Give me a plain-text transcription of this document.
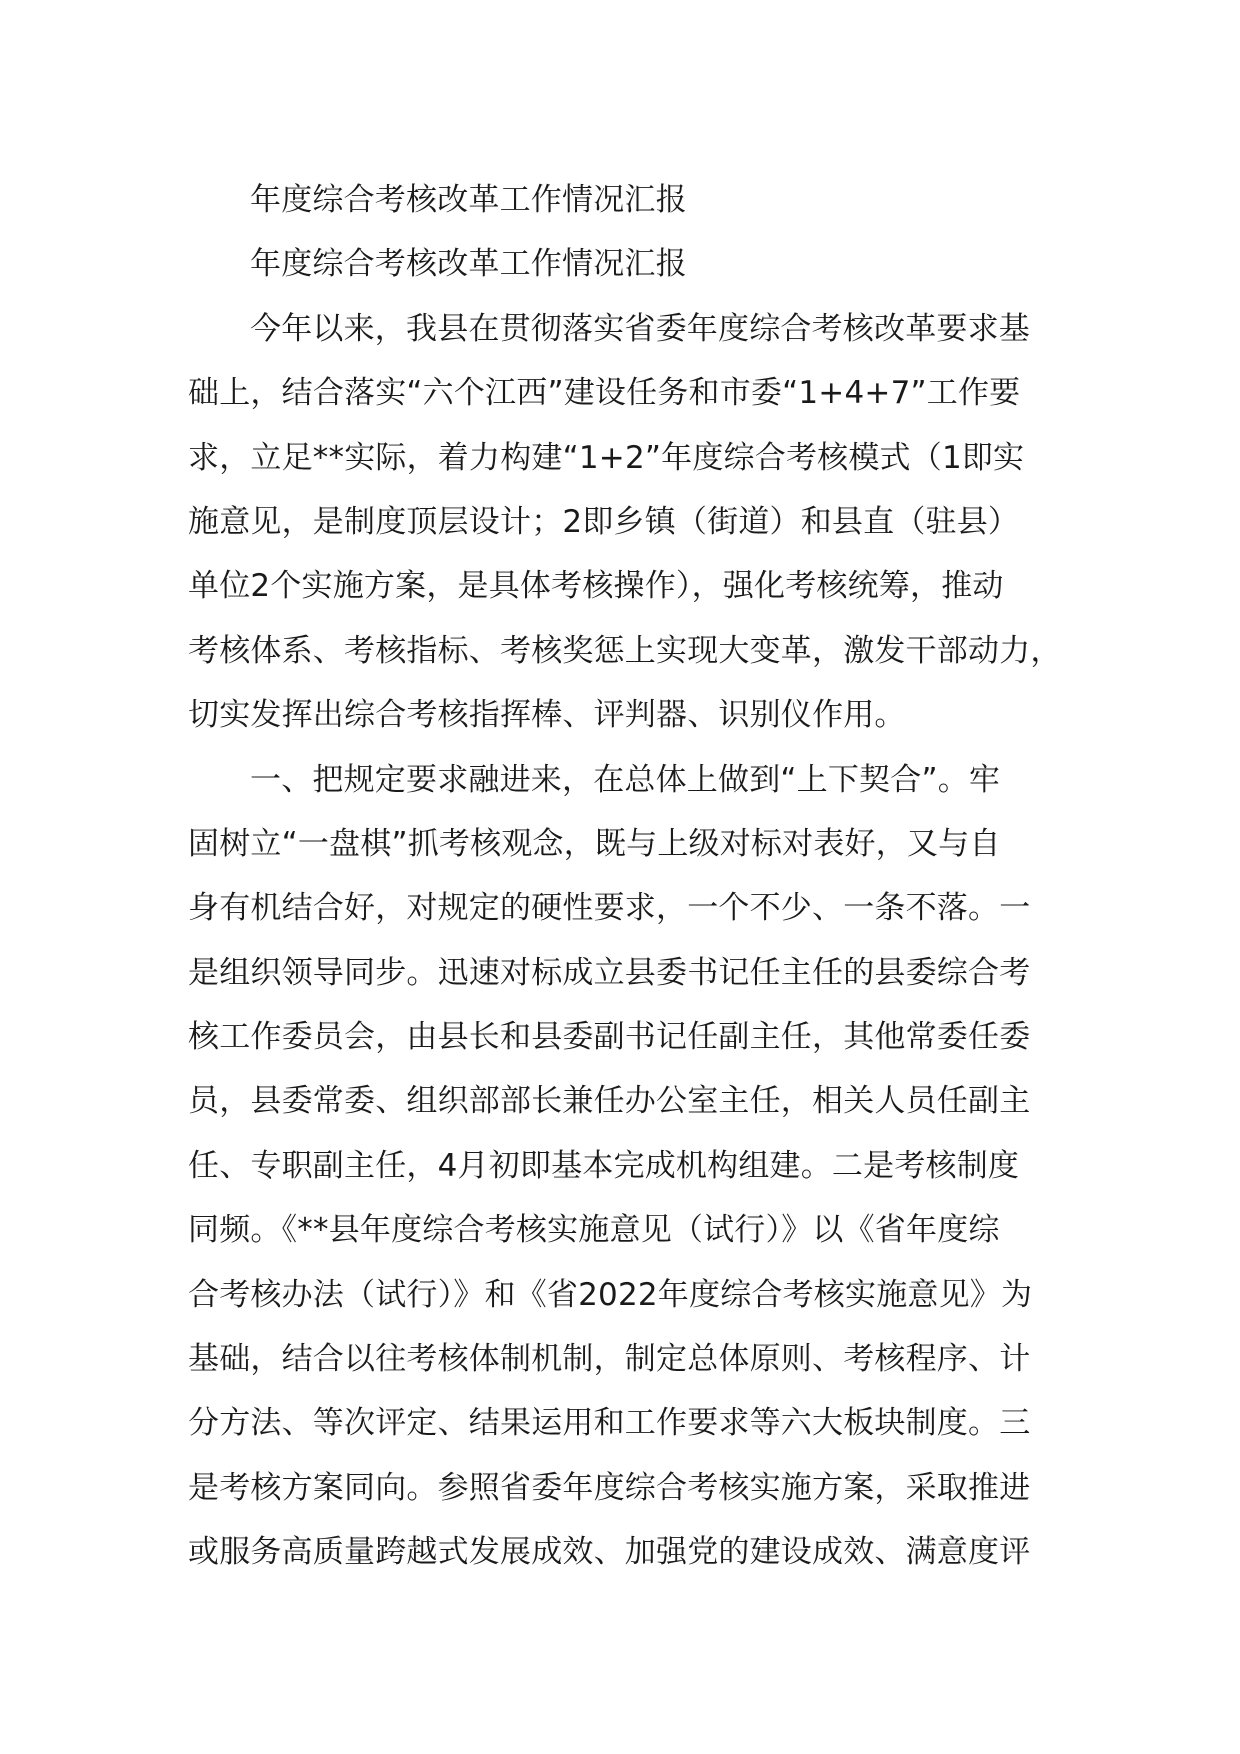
年度综合考核改革工作情况汇报
年度综合考核改革工作情况汇报
今年以来，我县在贯彻落实省委年度综合考核改革要求基
础上，结合落实“六个江西”建设任务和市委“1+4+7”工作要
求，立足**实际，着力构建“1+2”年度综合考核模式（1即实
施意见，是制度顶层设计；2即乡镇（街道）和县直（驻县）
单位2个实施方案，是具体考核操作），强化考核统筹，推动
考核体系、考核指标、考核奖惩上实现大变革，激发干部动力，
切实发挥出综合考核指挥棒、评判器、识别仪作用。
一、把规定要求融进来，在总体上做到“上下契合”。牢
固树立“一盘棋”抓考核观念，既与上级对标对表好，又与自
身有机结合好，对规定的硬性要求，一个不少、一条不落。一
是组织领导同步。迅速对标成立县委书记任主任的县委综合考
核工作委员会，由县长和县委副书记任副主任，其他常委任委
员，县委常委、组织部部长兼任办公室主任，相关人员任副主
任、专职副主任，4月初即基本完成机构组建。二是考核制度
同频。《**县年度综合考核实施意见（试行）》以《省年度综
合考核办法（试行）》和《省2022年度综合考核实施意见》为
基础，结合以往考核体制机制，制定总体原则、考核程序、计
分方法、等次评定、结果运用和工作要求等六大板块制度。三
是考核方案同向。参照省委年度综合考核实施方案，采取推进
或服务高质量跨越式发展成效、加强党的建设成效、满意度评
